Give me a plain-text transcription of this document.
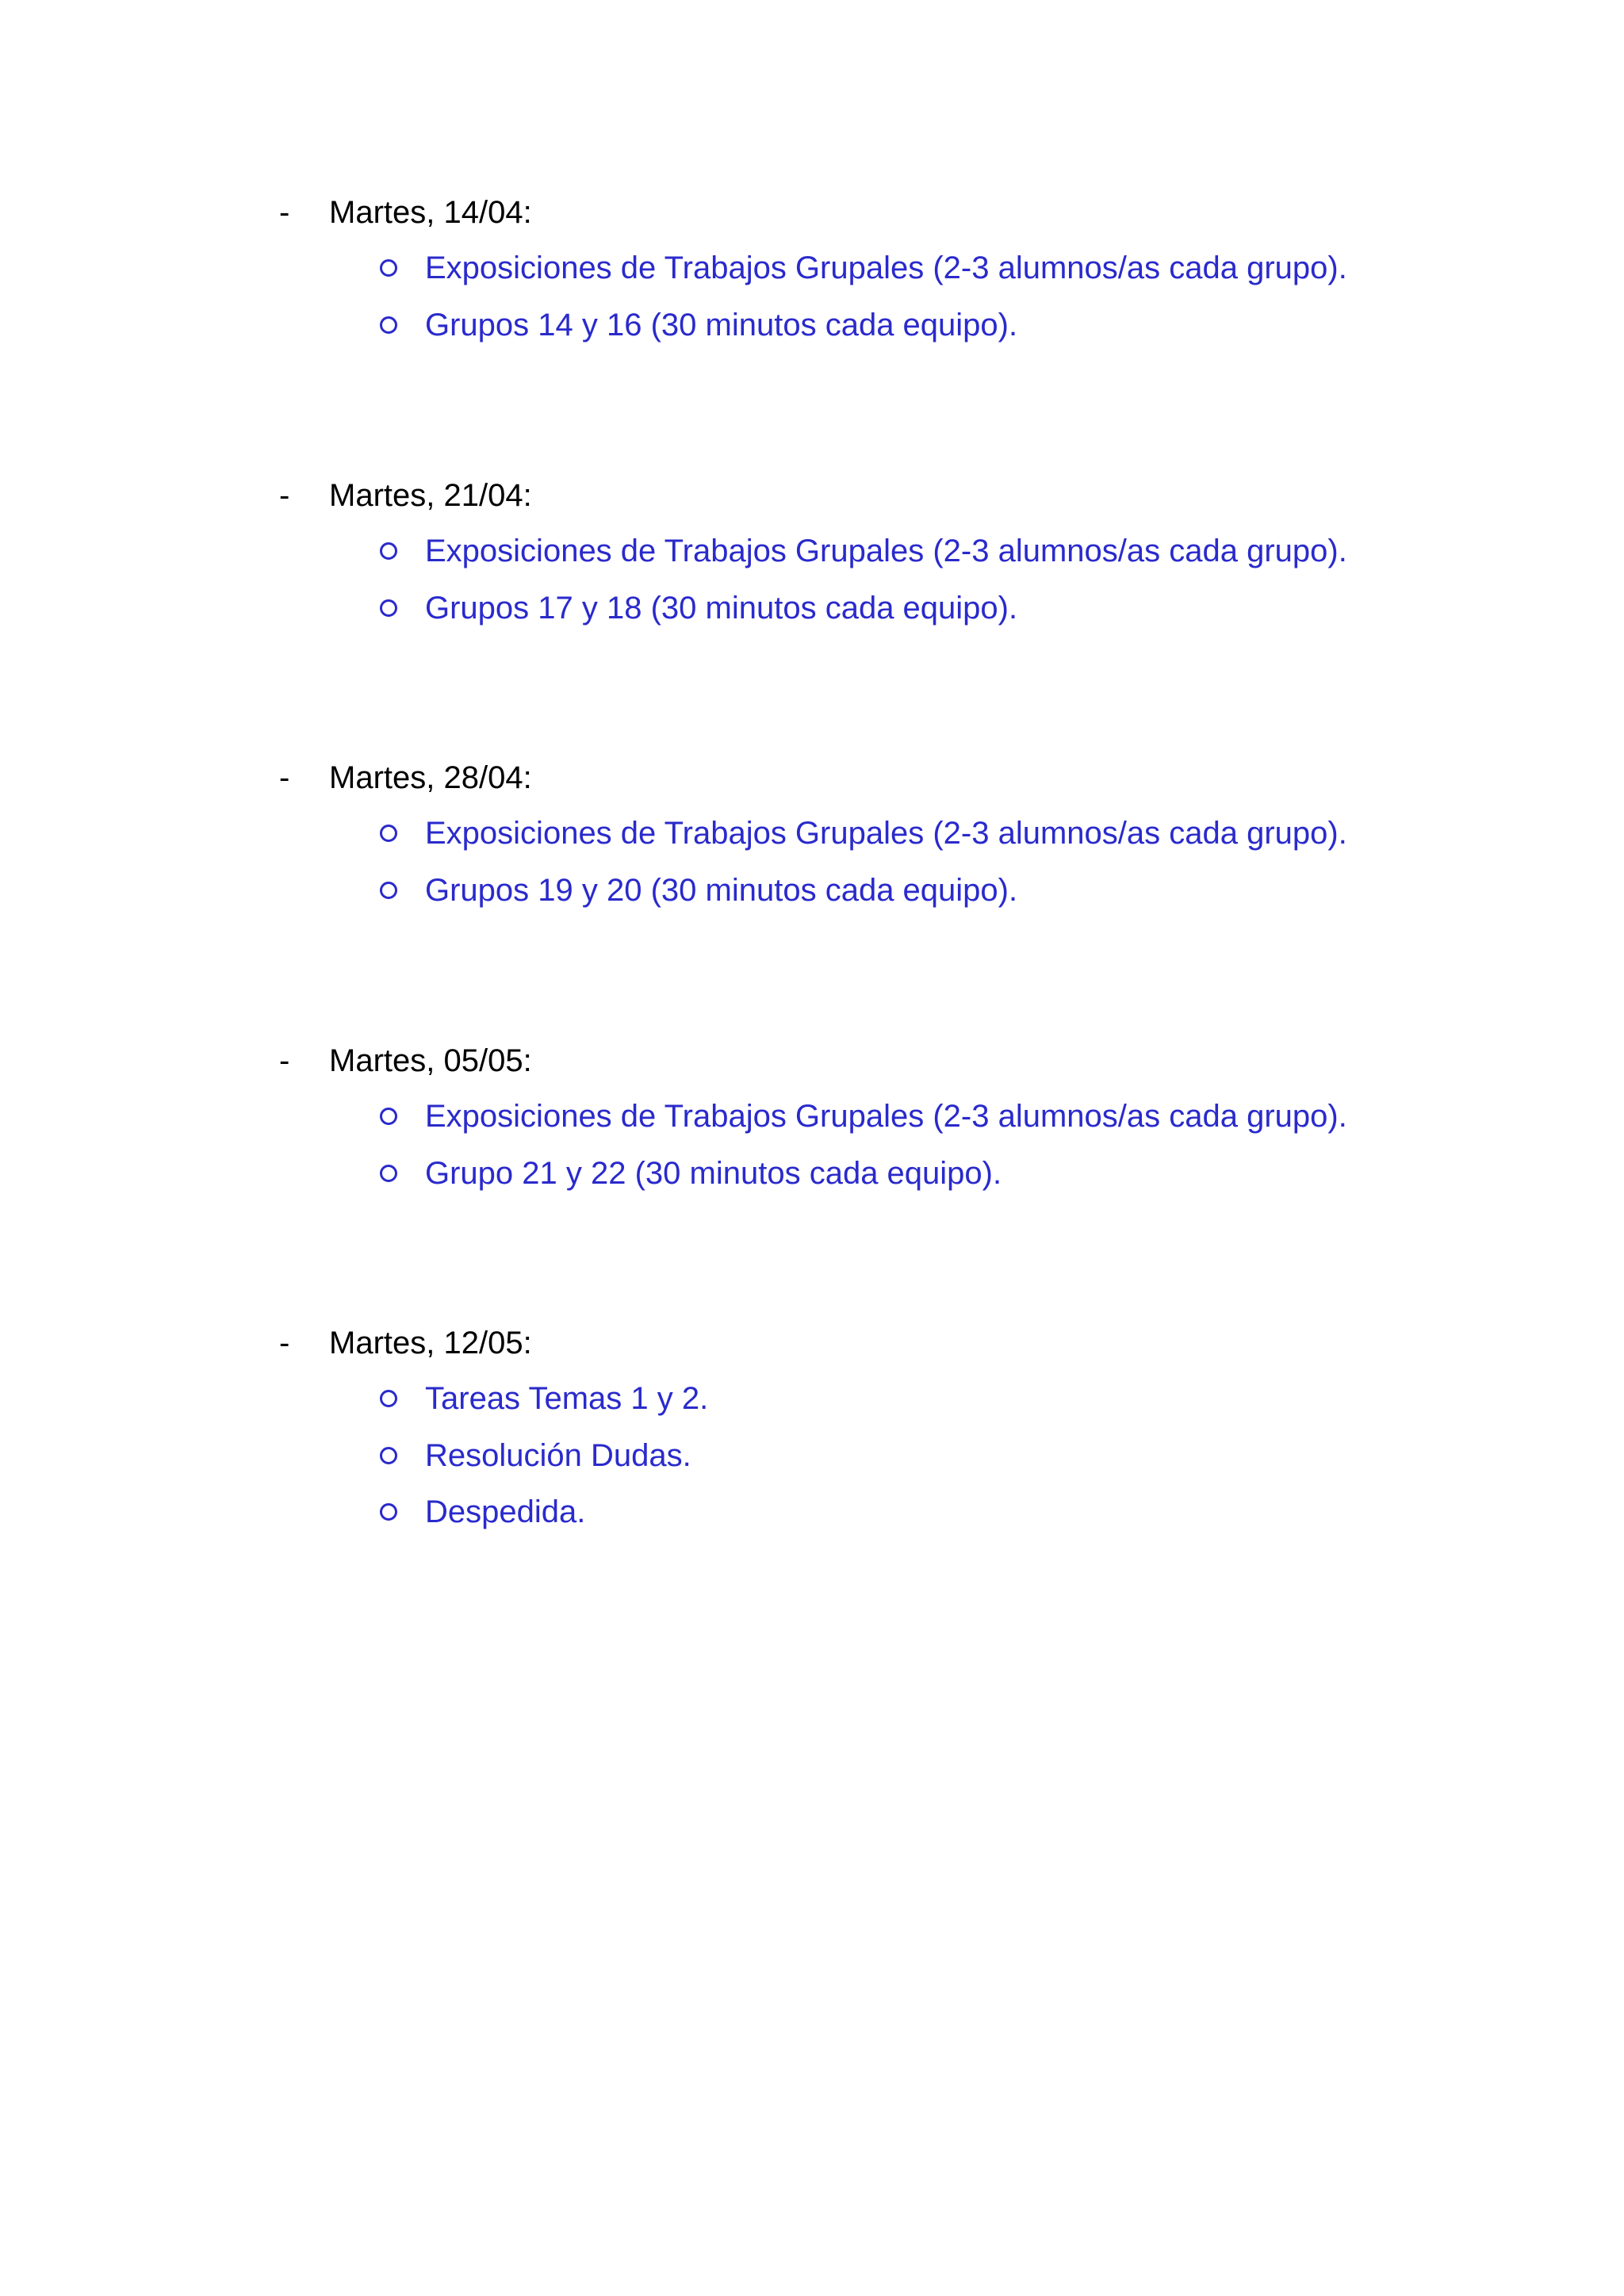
- Martes, 14/04:
Exposiciones de Trabajos Grupales (2-3 alumnos/as cada grupo).
Grupos 14 y 16 (30 minutos cada equipo).
- Martes, 21/04:
Exposiciones de Trabajos Grupales (2-3 alumnos/as cada grupo).
Grupos 17 y 18 (30 minutos cada equipo).
- Martes, 28/04:
Exposiciones de Trabajos Grupales (2-3 alumnos/as cada grupo).
Grupos 19 y 20 (30 minutos cada equipo).
- Martes, 05/05:
Exposiciones de Trabajos Grupales (2-3 alumnos/as cada grupo).
Grupo 21 y 22 (30 minutos cada equipo).
- Martes, 12/05:
Tareas Temas 1 y 2.
Resolución Dudas.
Despedida.
